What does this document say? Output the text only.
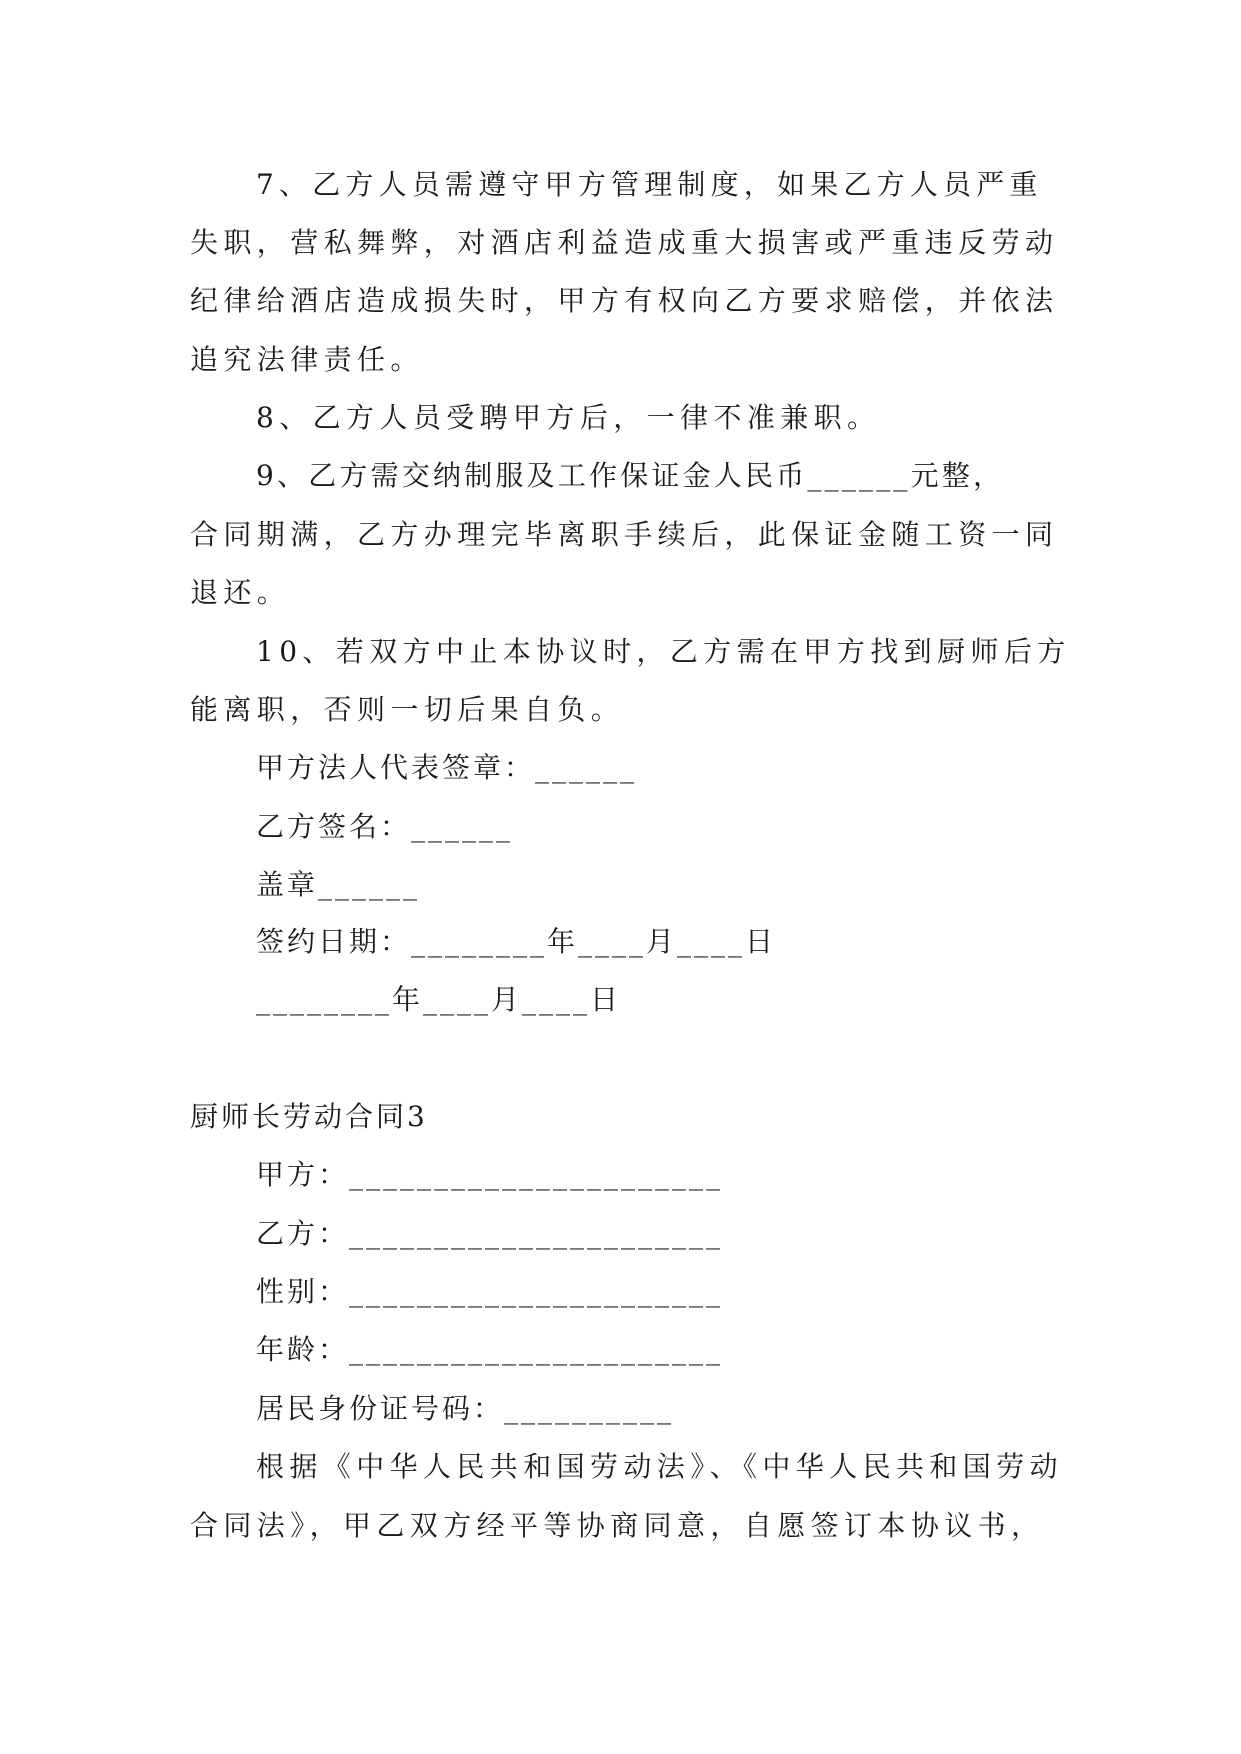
7、乙方人员需遵守甲方管理制度，如果乙方人员严重
失职，营私舞弊，对酒店利益造成重大损害或严重违反劳动
纪律给酒店造成损失时，甲方有权向乙方要求赔偿，并依法
追究法律责任。
8、乙方人员受聘甲方后，一律不准兼职。
9、乙方需交纳制服及工作保证金人民币______元整，
合同期满，乙方办理完毕离职手续后，此保证金随工资一同
退还。
10、若双方中止本协议时，乙方需在甲方找到厨师后方
能离职，否则一切后果自负。
甲方法人代表签章：______
乙方签名：______
盖章______
签约日期：________年____月____日
________年____月____日
厨师长劳动合同3
甲方：______________________
乙方：______________________
性别：______________________
年龄：______________________
居民身份证号码：__________
根据《中华人民共和国劳动法》、《中华人民共和国劳动
合同法》，甲乙双方经平等协商同意，自愿签订本协议书，
